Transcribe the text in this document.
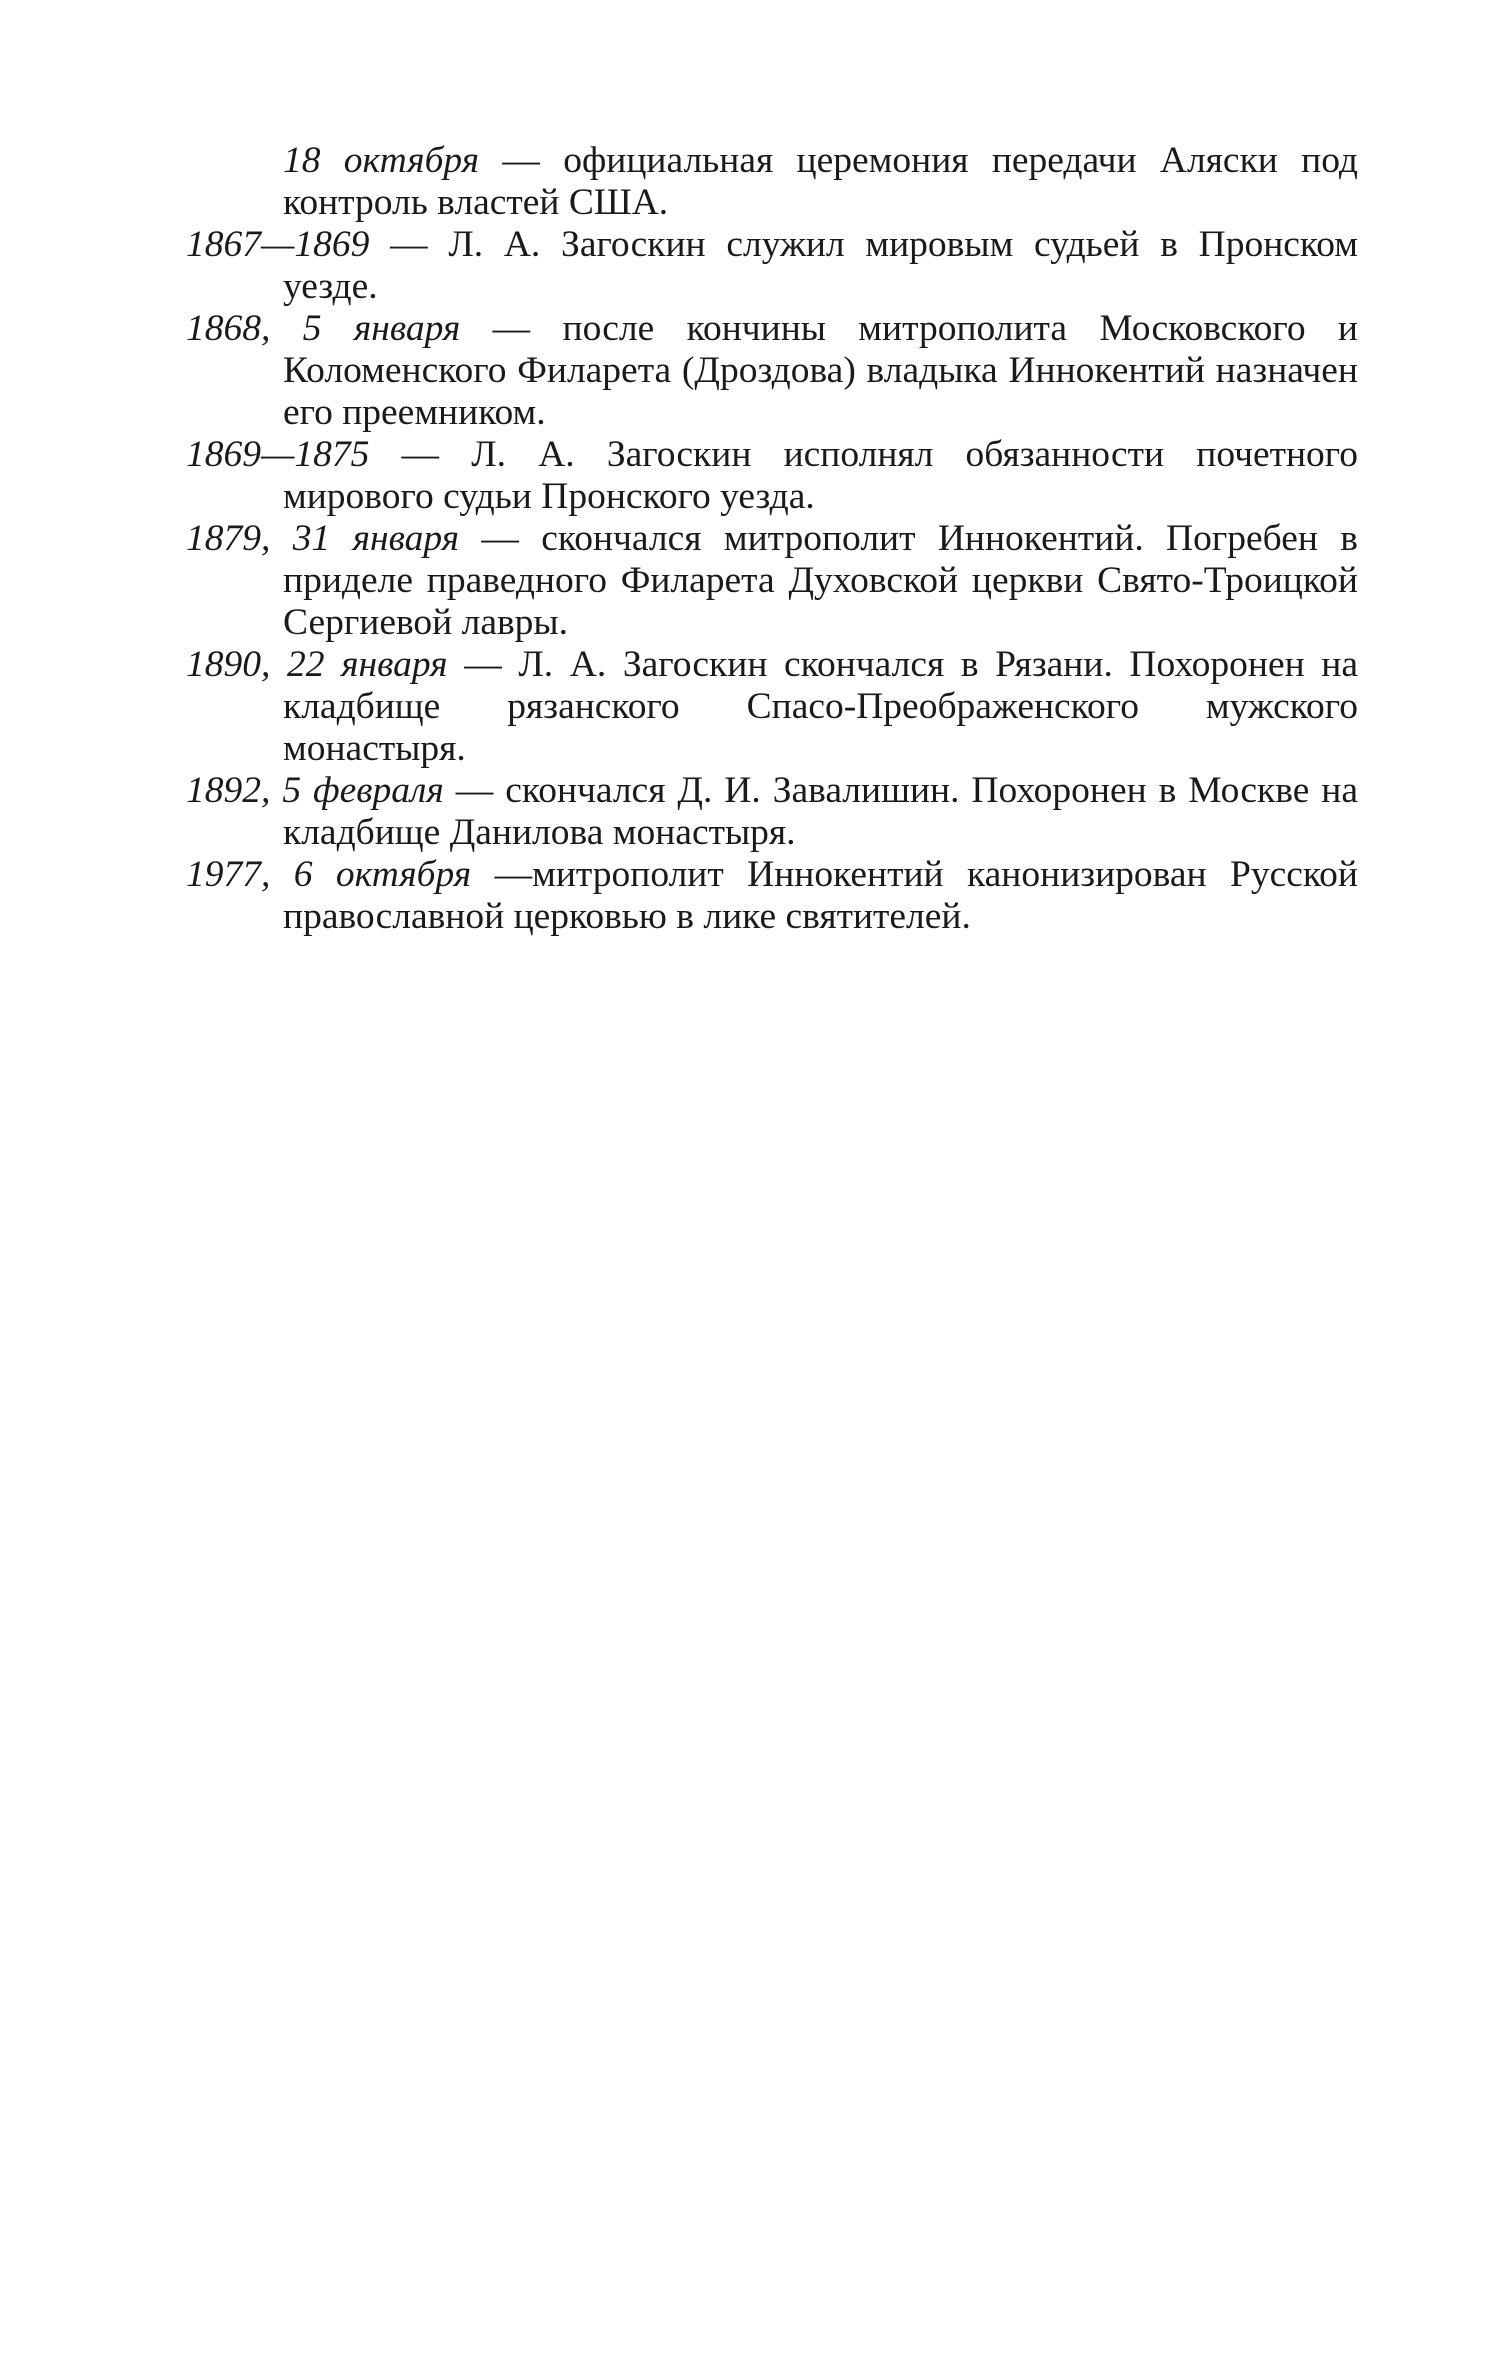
18 октября — официальная церемония передачи Аляски под контроль властей США.

1867—1869 — Л. А. Загоскин служил мировым судьей в Пронском уезде.

1868, 5 января — после кончины митрополита Московского и Коломенского Филарета (Дроздова) владыка Иннокентий назначен его преемником.

1869—1875 — Л. А. Загоскин исполнял обязанности почетного мирового судьи Пронского уезда.

1879, 31 января — скончался митрополит Иннокентий. Погребен в приделе праведного Филарета Духовской церкви Свято-Троицкой Сергиевой лавры.

1890, 22 января — Л. А. Загоскин скончался в Рязани. Похоронен на кладбище рязанского Спасо-Преображенского мужского монастыря.

1892, 5 февраля — скончался Д. И. Завалишин. Похоронен в Москве на кладбище Данилова монастыря.

1977, 6 октября —митрополит Иннокентий канонизирован Русской православной церковью в лике святителей.
